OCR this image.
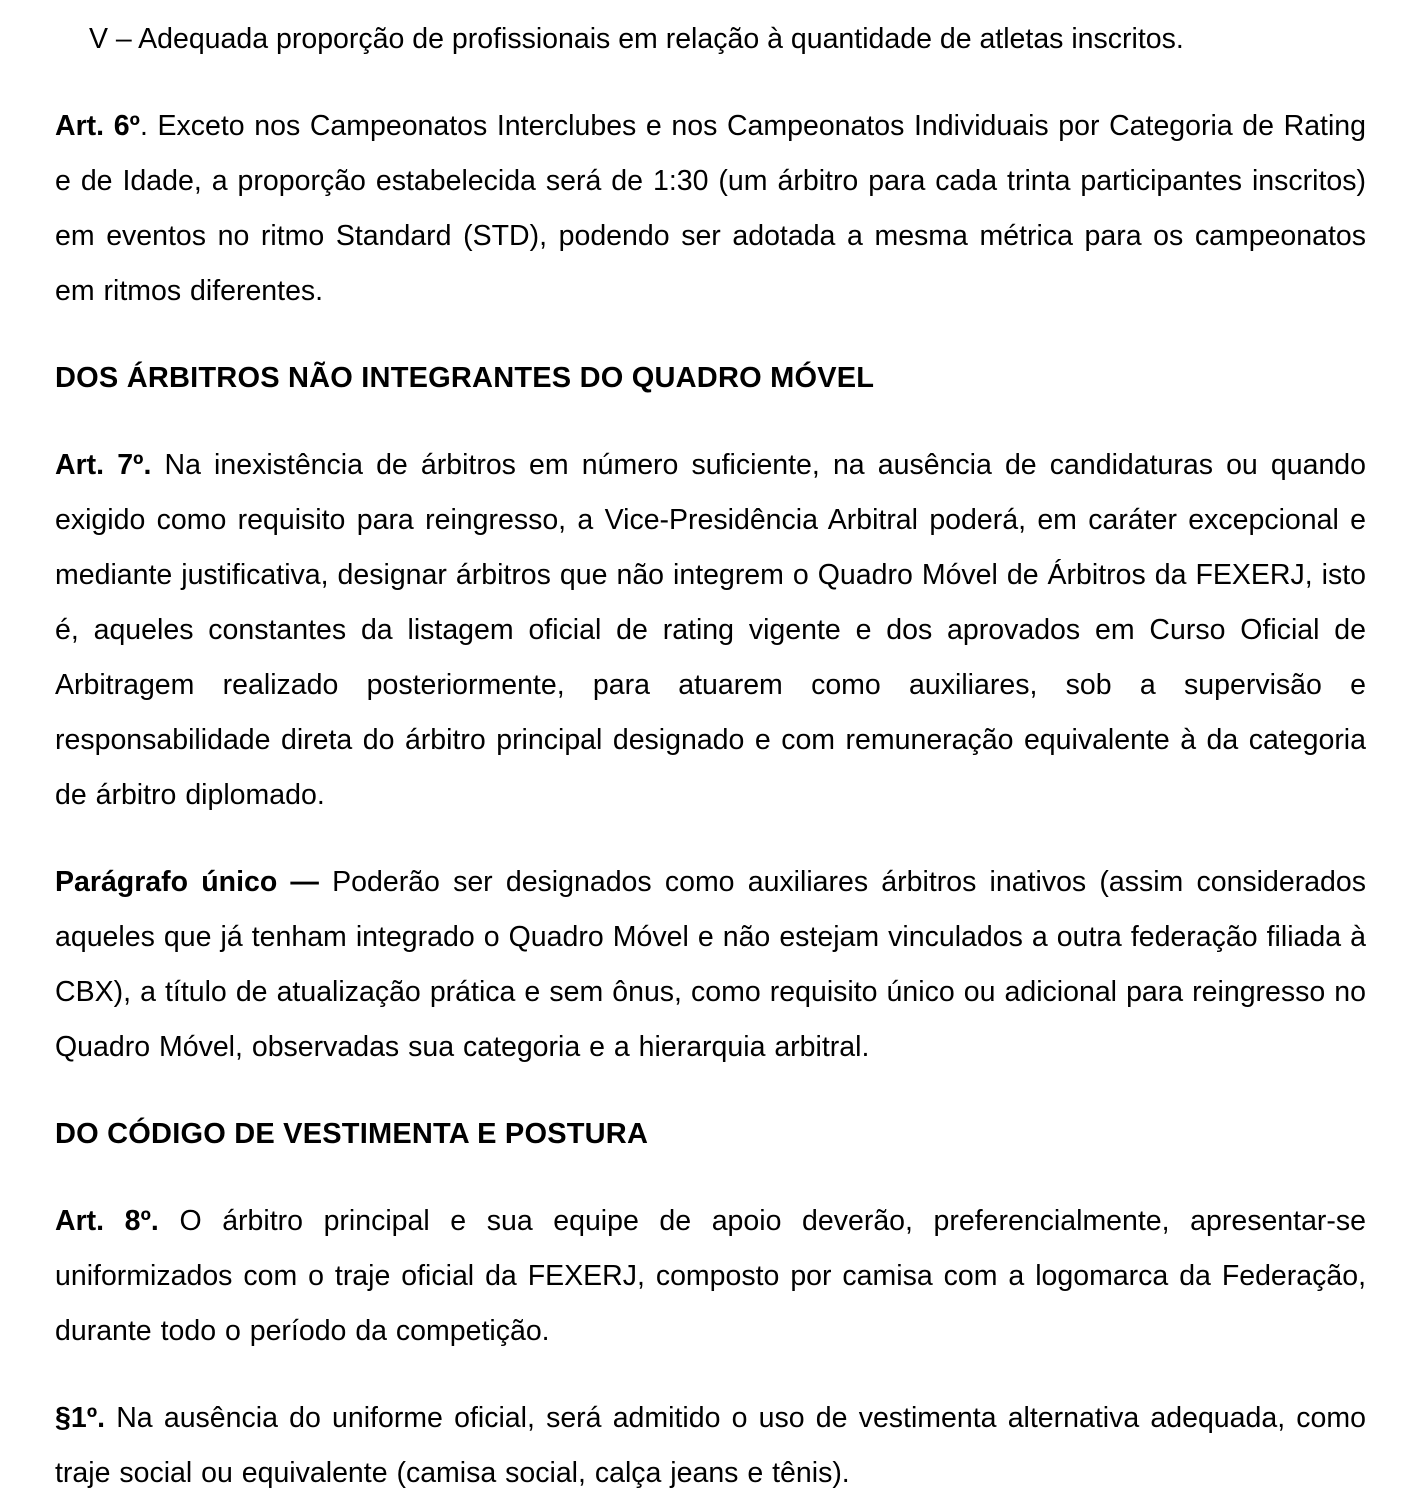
V – Adequada proporção de profissionais em relação à quantidade de atletas inscritos.
Art. 6º. Exceto nos Campeonatos Interclubes e nos Campeonatos Individuais por Categoria de Rating e de Idade, a proporção estabelecida será de 1:30 (um árbitro para cada trinta participantes inscritos) em eventos no ritmo Standard (STD), podendo ser adotada a mesma métrica para os campeonatos em ritmos diferentes.
DOS ÁRBITROS NÃO INTEGRANTES DO QUADRO MÓVEL
Art. 7º. Na inexistência de árbitros em número suficiente, na ausência de candidaturas ou quando exigido como requisito para reingresso, a Vice-Presidência Arbitral poderá, em caráter excepcional e mediante justificativa, designar árbitros que não integrem o Quadro Móvel de Árbitros da FEXERJ, isto é, aqueles constantes da listagem oficial de rating vigente e dos aprovados em Curso Oficial de Arbitragem realizado posteriormente, para atuarem como auxiliares, sob a supervisão e responsabilidade direta do árbitro principal designado e com remuneração equivalente à da categoria de árbitro diplomado.
Parágrafo único — Poderão ser designados como auxiliares árbitros inativos (assim considerados aqueles que já tenham integrado o Quadro Móvel e não estejam vinculados a outra federação filiada à CBX), a título de atualização prática e sem ônus, como requisito único ou adicional para reingresso no Quadro Móvel, observadas sua categoria e a hierarquia arbitral.
DO CÓDIGO DE VESTIMENTA E POSTURA
Art. 8º. O árbitro principal e sua equipe de apoio deverão, preferencialmente, apresentar-se uniformizados com o traje oficial da FEXERJ, composto por camisa com a logomarca da Federação, durante todo o período da competição.
§1º. Na ausência do uniforme oficial, será admitido o uso de vestimenta alternativa adequada, como traje social ou equivalente (camisa social, calça jeans e tênis).
